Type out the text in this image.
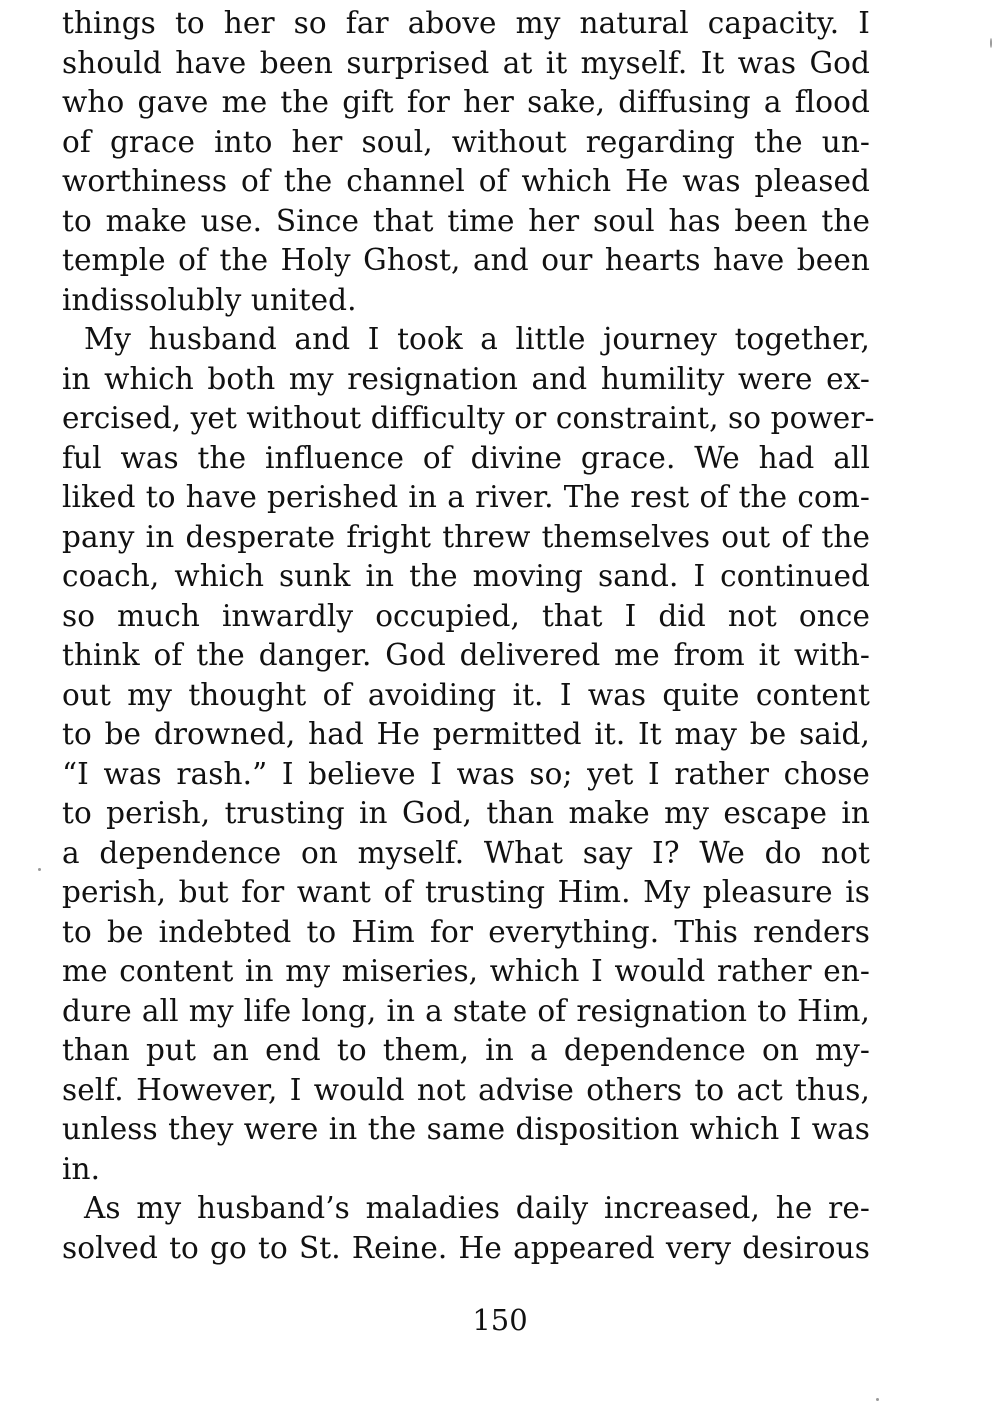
things to her so far above my natural capacity. I
should have been surprised at it myself. It was God
who gave me the gift for her sake, diffusing a flood
of grace into her soul, without regarding the un-
worthiness of the channel of which He was pleased
to make use. Since that time her soul has been the
temple of the Holy Ghost, and our hearts have been
indissolubly united.
My husband and I took a little journey together,
in which both my resignation and humility were ex-
ercised, yet without difficulty or constraint, so power-
ful was the influence of divine grace. We had all
liked to have perished in a river. The rest of the com-
pany in desperate fright threw themselves out of the
coach, which sunk in the moving sand. I continued
so much inwardly occupied, that I did not once
think of the danger. God delivered me from it with-
out my thought of avoiding it. I was quite content
to be drowned, had He permitted it. It may be said,
“I was rash.” I believe I was so; yet I rather chose
to perish, trusting in God, than make my escape in
a dependence on myself. What say I? We do not
perish, but for want of trusting Him. My pleasure is
to be indebted to Him for everything. This renders
me content in my miseries, which I would rather en-
dure all my life long, in a state of resignation to Him,
than put an end to them, in a dependence on my-
self. However, I would not advise others to act thus,
unless they were in the same disposition which I was
in.
As my husband’s maladies daily increased, he re-
solved to go to St. Reine. He appeared very desirous
150
